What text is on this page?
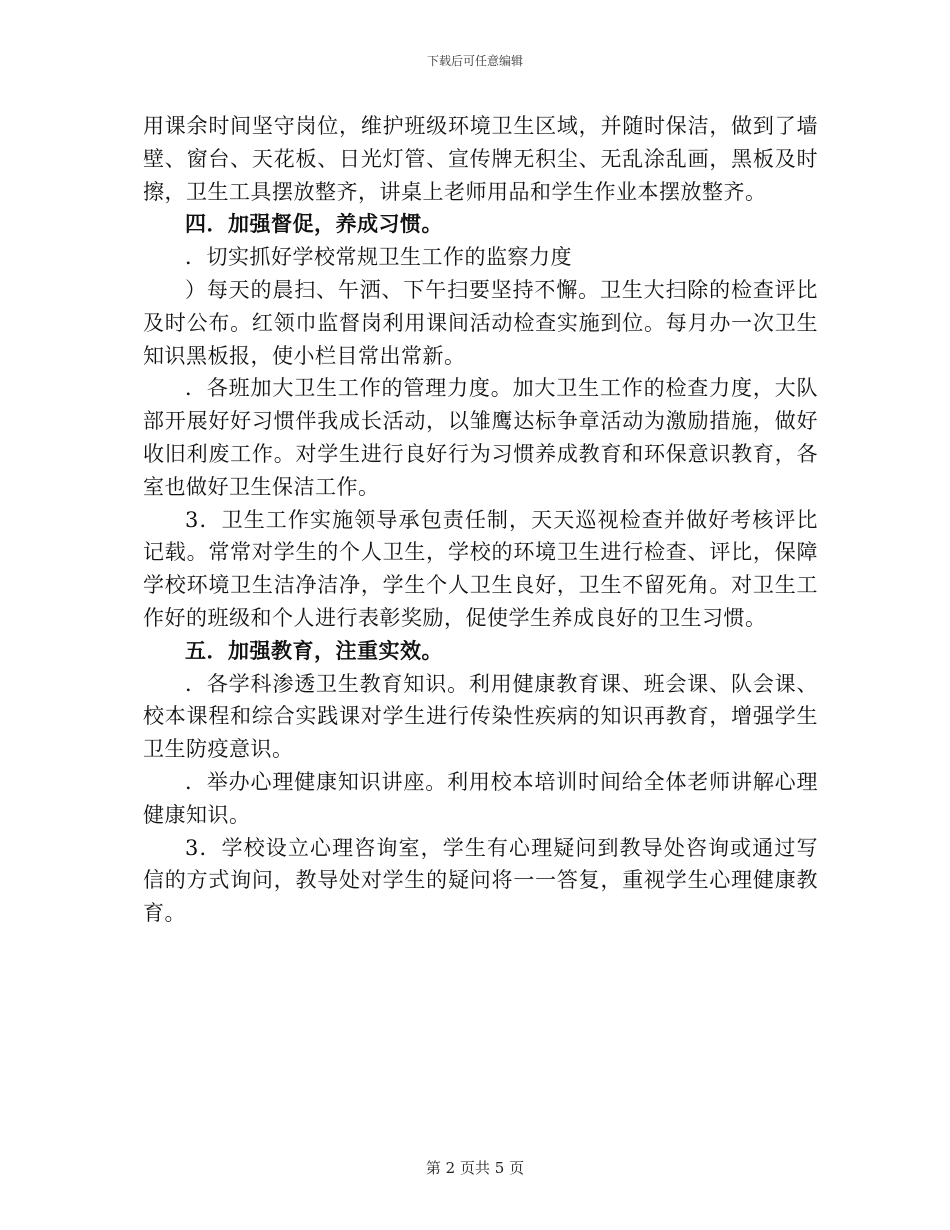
下载后可任意编辑

用课余时间坚守岗位，维护班级环境卫生区域，并随时保洁，做到了墙壁、窗台、天花板、日光灯管、宣传牌无积尘、无乱涂乱画，黑板及时擦，卫生工具摆放整齐，讲桌上老师用品和学生作业本摆放整齐。

四．加强督促，养成习惯。

．切实抓好学校常规卫生工作的监察力度

）每天的晨扫、午洒、下午扫要坚持不懈。卫生大扫除的检查评比及时公布。红领巾监督岗利用课间活动检查实施到位。每月办一次卫生知识黑板报，使小栏目常出常新。

．各班加大卫生工作的管理力度。加大卫生工作的检查力度，大队部开展好好习惯伴我成长活动，以雏鹰达标争章活动为激励措施，做好收旧利废工作。对学生进行良好行为习惯养成教育和环保意识教育，各室也做好卫生保洁工作。

3．卫生工作实施领导承包责任制，天天巡视检查并做好考核评比记载。常常对学生的个人卫生，学校的环境卫生进行检查、评比，保障学校环境卫生洁净洁净，学生个人卫生良好，卫生不留死角。对卫生工作好的班级和个人进行表彰奖励，促使学生养成良好的卫生习惯。

五．加强教育，注重实效。

．各学科渗透卫生教育知识。利用健康教育课、班会课、队会课、校本课程和综合实践课对学生进行传染性疾病的知识再教育，增强学生卫生防疫意识。

．举办心理健康知识讲座。利用校本培训时间给全体老师讲解心理健康知识。

3．学校设立心理咨询室，学生有心理疑问到教导处咨询或通过写信的方式询问，教导处对学生的疑问将一一答复，重视学生心理健康教育。

第 2 页共 5 页
